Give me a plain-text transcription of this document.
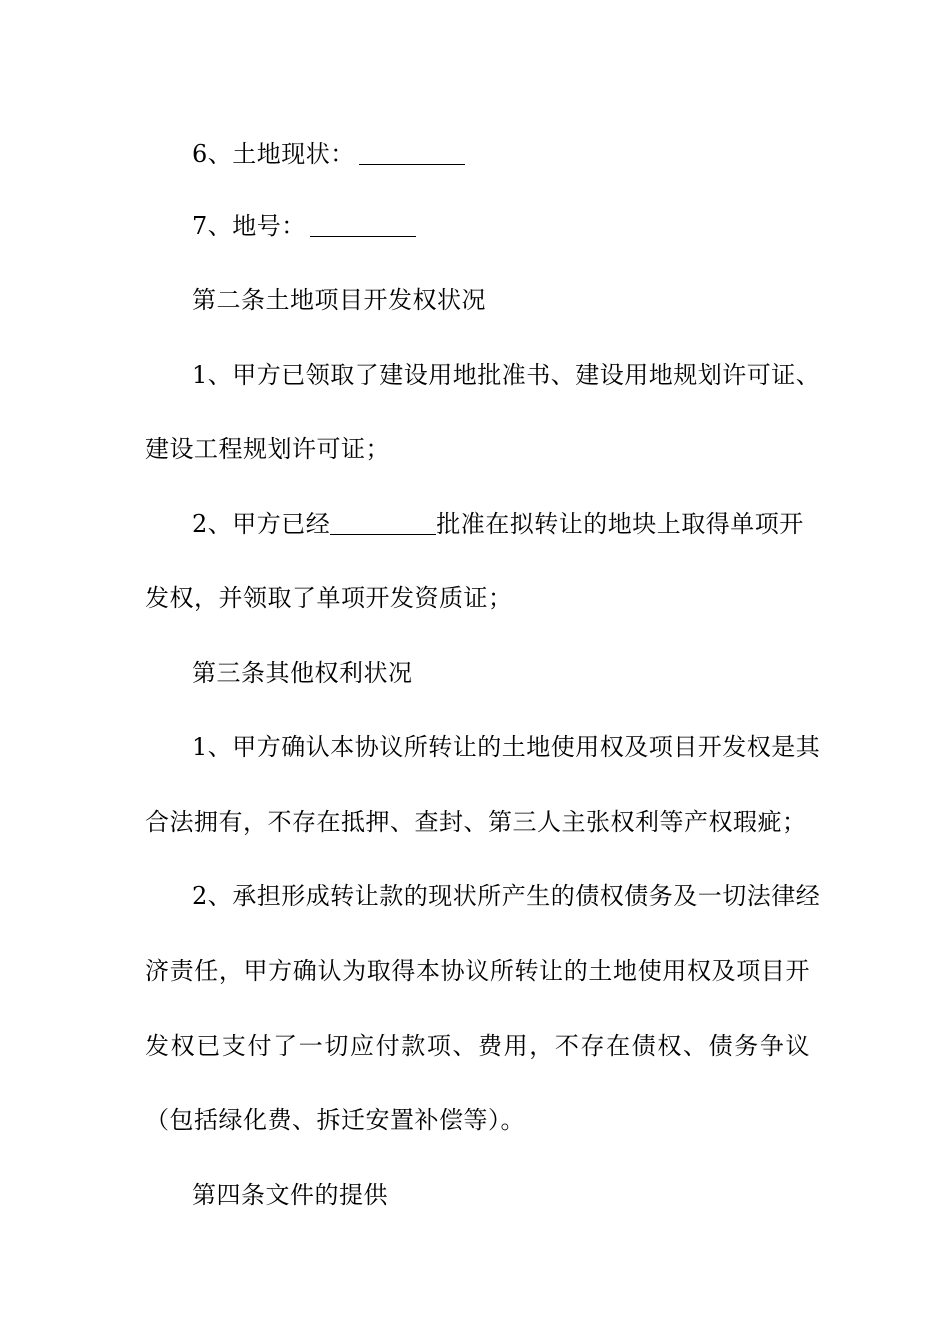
6、土地现状：
7、地号：
第二条土地项目开发权状况
1、甲方已领取了建设用地批准书、建设用地规划许可证、
建设工程规划许可证；
2、甲方已经	批准在拟转让的地块上取得单项开
发权，并领取了单项开发资质证；
第三条其他权利状况
1、甲方确认本协议所转让的土地使用权及项目开发权是其
合法拥有，不存在抵押、查封、第三人主张权利等产权瑕疵；
2、承担形成转让款的现状所产生的债权债务及一切法律经
济责任，甲方确认为取得本协议所转让的土地使用权及项目开
发权已支付了一切应付款项、费用，不存在债权、债务争议
（包括绿化费、拆迁安置补偿等）。
第四条文件的提供
